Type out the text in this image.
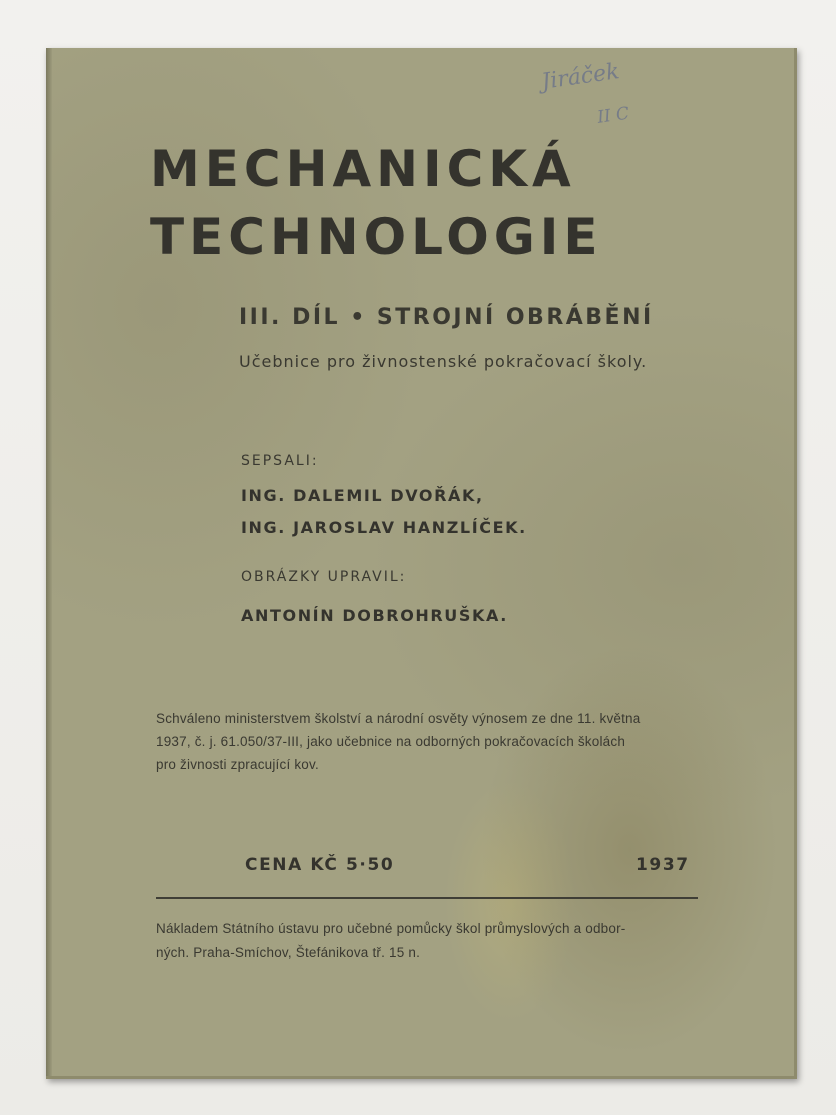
Jiráček
II C
MECHANICKÁ
TECHNOLOGIE
III. DÍL • STROJNÍ OBRÁBĚNÍ
Učebnice pro živnostenské pokračovací školy.
SEPSALI:
ING. DALEMIL DVOŘÁK,
ING. JAROSLAV HANZLÍČEK.
OBRÁZKY UPRAVIL:
ANTONÍN DOBROHRUŠKA.
Schváleno ministerstvem školství a národní osvěty výnosem ze dne 11. května
1937, č. j. 61.050/37-III, jako učebnice na odborných pokračovacích školách
pro živnosti zpracující kov.
CENA KČ 5·50	1937
Nákladem Státního ústavu pro učebné pomůcky škol průmyslových a odbor-
ných. Praha-Smíchov, Štefánikova tř. 15 n.
